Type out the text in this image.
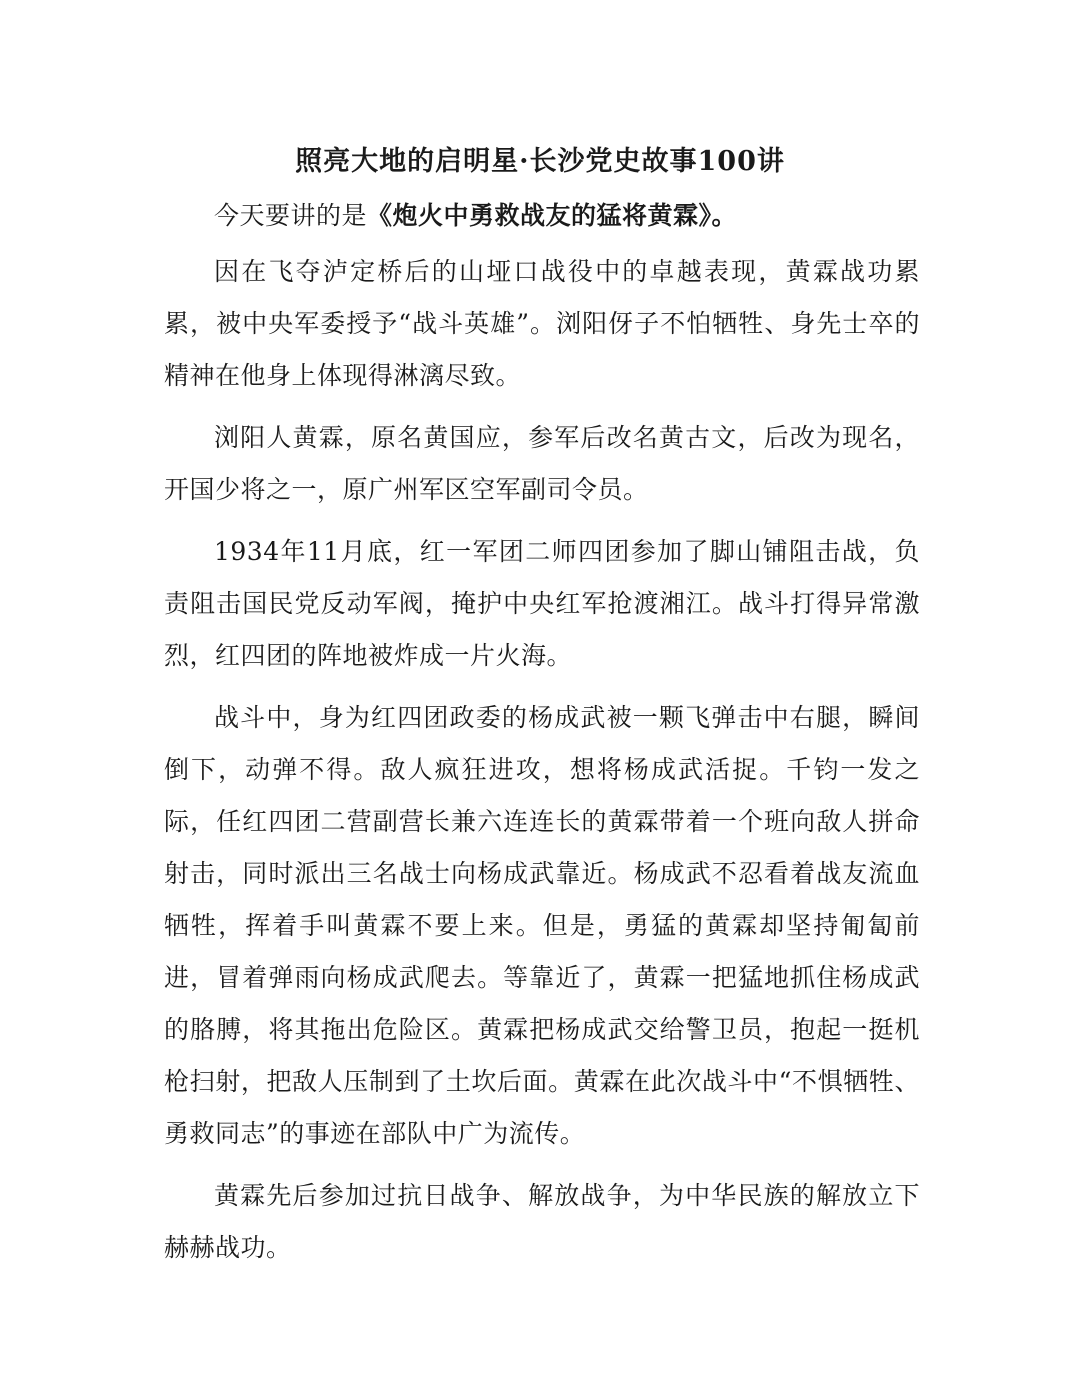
照亮大地的启明星·长沙党史故事100讲

今天要讲的是《炮火中勇救战友的猛将黄霖》。

因在飞夺泸定桥后的山垭口战役中的卓越表现，黄霖战功累累，被中央军委授予“战斗英雄”。浏阳伢子不怕牺牲、身先士卒的精神在他身上体现得淋漓尽致。

浏阳人黄霖，原名黄国应，参军后改名黄古文，后改为现名，开国少将之一，原广州军区空军副司令员。

1934年11月底，红一军团二师四团参加了脚山铺阻击战，负责阻击国民党反动军阀，掩护中央红军抢渡湘江。战斗打得异常激烈，红四团的阵地被炸成一片火海。

战斗中，身为红四团政委的杨成武被一颗飞弹击中右腿，瞬间倒下，动弹不得。敌人疯狂进攻，想将杨成武活捉。千钧一发之际，任红四团二营副营长兼六连连长的黄霖带着一个班向敌人拼命射击，同时派出三名战士向杨成武靠近。杨成武不忍看着战友流血牺牲，挥着手叫黄霖不要上来。但是，勇猛的黄霖却坚持匍匐前进，冒着弹雨向杨成武爬去。等靠近了，黄霖一把猛地抓住杨成武的胳膊，将其拖出危险区。黄霖把杨成武交给警卫员，抱起一挺机枪扫射，把敌人压制到了土坎后面。黄霖在此次战斗中“不惧牺牲、勇救同志”的事迹在部队中广为流传。

黄霖先后参加过抗日战争、解放战争，为中华民族的解放立下赫赫战功。
